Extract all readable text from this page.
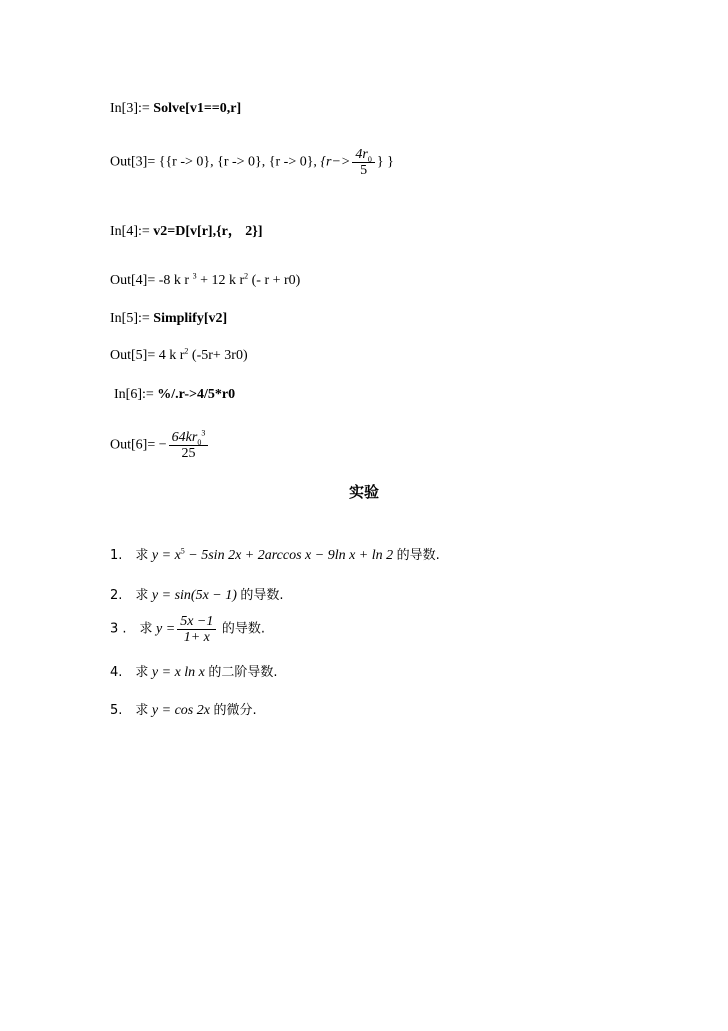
In[3]:= Solve[v1==0,r]
Out[3]= {{r -> 0}, {r -> 0}, {r -> 0}, {$r-> \frac{4r_0}{5}$ } }
In[4]:= v2=D[v[r],{r， 2}]
Out[4]= -8 k r $^3$ + 12 k $r^2$ (- r + r0)
In[5]:= Simplify[v2]
Out[5]= 4 k $r^2$ (-5r+ 3r0)
In[6]:= %/.r->4/5*r0
$Out[6]= - \frac{64kr_0^3}{25}$
实验
1. 求 $y = x^5 - 5\sin$ 2x + 2arccos x − 9ln x + ln 2 的导数.
2. 求 y = sin(5x − 1) 的导数.
3 . 求 $y = \frac{5x -1}{1+ x}$ 的导数.
4. 求 y = x ln x 的二阶导数.
5. 求 y = cos 2x 的微分.
